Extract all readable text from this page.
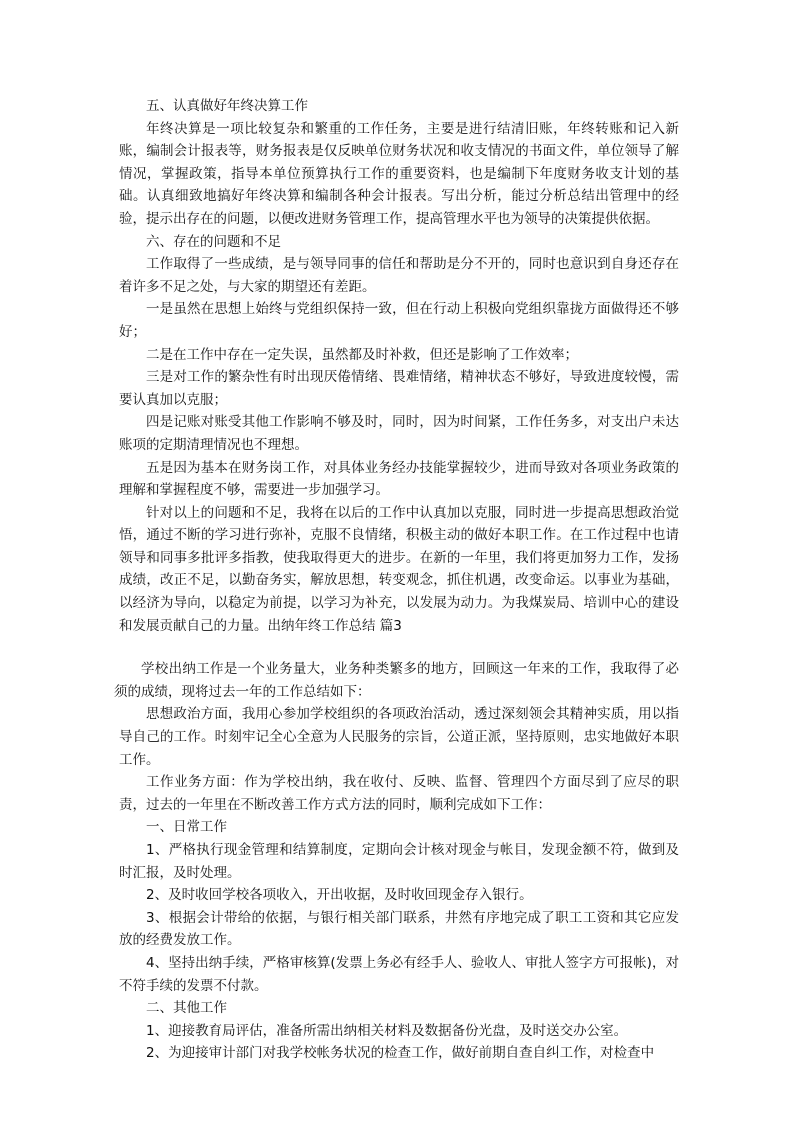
五、认真做好年终决算工作

年终决算是一项比较复杂和繁重的工作任务，主要是进行结清旧账，年终转账和记入新账，编制会计报表等，财务报表是仅反映单位财务状况和收支情况的书面文件，单位领导了解情况，掌握政策，指导本单位预算执行工作的重要资料，也是编制下年度财务收支计划的基础。认真细致地搞好年终决算和编制各种会计报表。写出分析，能过分析总结出管理中的经验，提示出存在的问题，以便改进财务管理工作，提高管理水平也为领导的决策提供依据。

六、存在的问题和不足

工作取得了一些成绩，是与领导同事的信任和帮助是分不开的，同时也意识到自身还存在着许多不足之处，与大家的期望还有差距。

一是虽然在思想上始终与党组织保持一致，但在行动上积极向党组织靠拢方面做得还不够好；

二是在工作中存在一定失误，虽然都及时补救，但还是影响了工作效率；

三是对工作的繁杂性有时出现厌倦情绪、畏难情绪，精神状态不够好，导致进度较慢，需要认真加以克服；

四是记账对账受其他工作影响不够及时，同时，因为时间紧，工作任务多，对支出户未达账项的定期清理情况也不理想。

五是因为基本在财务岗工作，对具体业务经办技能掌握较少，进而导致对各项业务政策的理解和掌握程度不够，需要进一步加强学习。

针对以上的问题和不足，我将在以后的工作中认真加以克服，同时进一步提高思想政治觉悟，通过不断的学习进行弥补，克服不良情绪，积极主动的做好本职工作。在工作过程中也请领导和同事多批评多指教，使我取得更大的进步。在新的一年里，我们将更加努力工作，发扬成绩，改正不足，以勤奋务实，解放思想，转变观念，抓住机遇，改变命运。以事业为基础，以经济为导向，以稳定为前提，以学习为补充，以发展为动力。为我煤炭局、培训中心的建设和发展贡献自己的力量。出纳年终工作总结 篇3

学校出纳工作是一个业务量大，业务种类繁多的地方，回顾这一年来的工作，我取得了必须的成绩，现将过去一年的工作总结如下：

思想政治方面，我用心参加学校组织的各项政治活动，透过深刻领会其精神实质，用以指导自己的工作。时刻牢记全心全意为人民服务的宗旨，公道正派，坚持原则，忠实地做好本职工作。

工作业务方面：作为学校出纳，我在收付、反映、监督、管理四个方面尽到了应尽的职责，过去的一年里在不断改善工作方式方法的同时，顺利完成如下工作：

一、日常工作

1、严格执行现金管理和结算制度，定期向会计核对现金与帐目，发现金额不符，做到及时汇报，及时处理。

2、及时收回学校各项收入，开出收据，及时收回现金存入银行。

3、根据会计带给的依据，与银行相关部门联系，井然有序地完成了职工工资和其它应发放的经费发放工作。

4、坚持出纳手续，严格审核算(发票上务必有经手人、验收人、审批人签字方可报帐)，对不符手续的发票不付款。

二、其他工作

1、迎接教育局评估，准备所需出纳相关材料及数据备份光盘，及时送交办公室。

2、为迎接审计部门对我学校帐务状况的检查工作，做好前期自查自纠工作，对检查中
